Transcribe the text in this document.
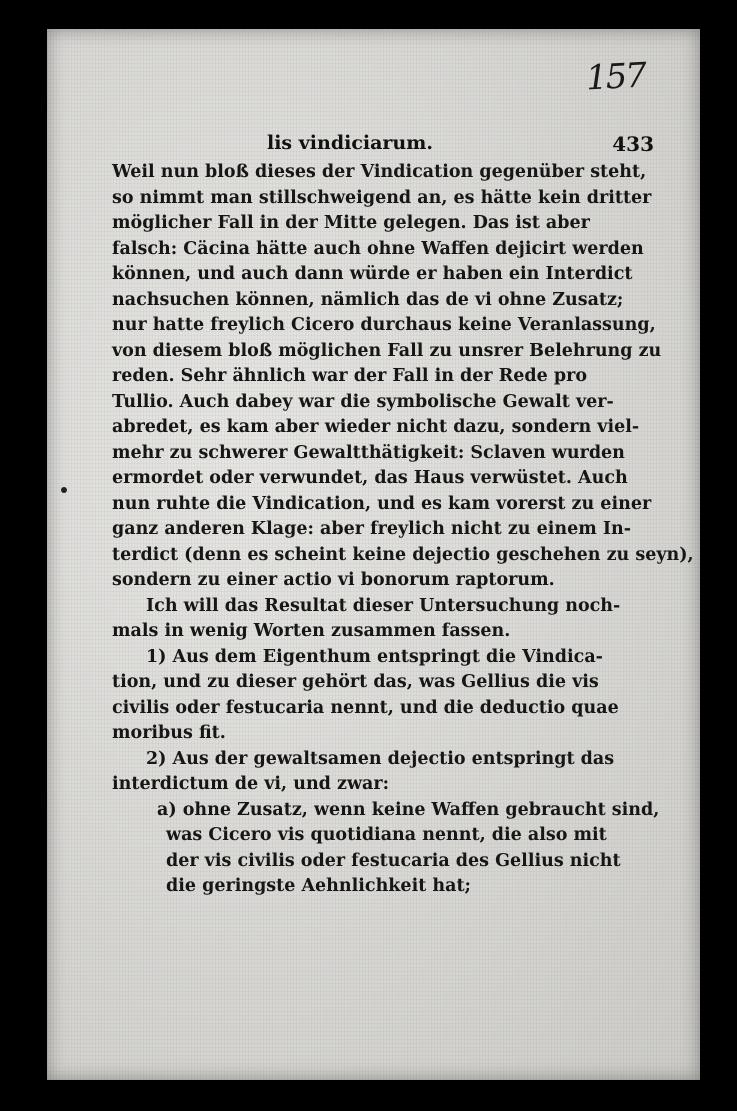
157
lis vindiciarum.	433
Weil nun bloß dieses der Vindication gegenüber steht,
so nimmt man stillschweigend an, es hätte kein dritter
möglicher Fall in der Mitte gelegen. Das ist aber
falsch: Cäcina hätte auch ohne Waffen dejicirt werden
können, und auch dann würde er haben ein Interdict
nachsuchen können, nämlich das de vi ohne Zusatz;
nur hatte freylich Cicero durchaus keine Veranlassung,
von diesem bloß möglichen Fall zu unsrer Belehrung zu
reden. Sehr ähnlich war der Fall in der Rede pro
Tullio. Auch dabey war die symbolische Gewalt ver-
abredet, es kam aber wieder nicht dazu, sondern viel-
mehr zu schwerer Gewaltthätigkeit: Sclaven wurden
ermordet oder verwundet, das Haus verwüstet. Auch
nun ruhte die Vindication, und es kam vorerst zu einer
ganz anderen Klage: aber freylich nicht zu einem In-
terdict (denn es scheint keine dejectio geschehen zu seyn),
sondern zu einer actio vi bonorum raptorum.
Ich will das Resultat dieser Untersuchung noch-
mals in wenig Worten zusammen fassen.
1) Aus dem Eigenthum entspringt die Vindica-
tion, und zu dieser gehört das, was Gellius die vis
civilis oder festucaria nennt, und die deductio quae
moribus fit.
2) Aus der gewaltsamen dejectio entspringt das
interdictum de vi, und zwar:
a) ohne Zusatz, wenn keine Waffen gebraucht sind,
was Cicero vis quotidiana nennt, die also mit
der vis civilis oder festucaria des Gellius nicht
die geringste Aehnlichkeit hat;
